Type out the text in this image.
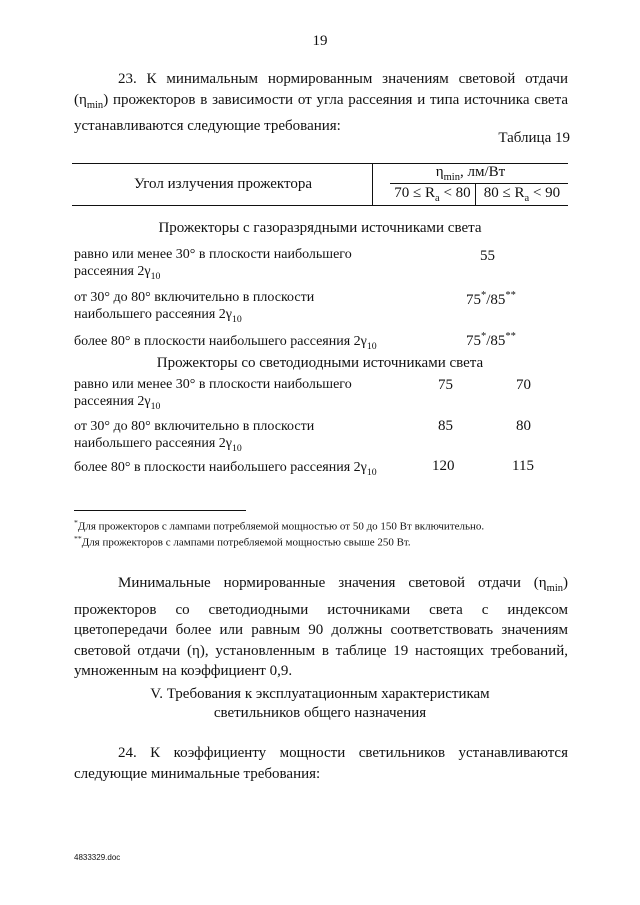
19
23. К минимальным нормированным значениям световой отдачи
$(\eta_{min})$ прожекторов в зависимости от угла рассеяния и типа источника света
устанавливаются следующие требования:
Таблица 19
Угол излучения прожектора
$\eta_{min}$, лм/Вт
$70 \le R_a < 80$ $80 \le R_a < 90$
Прожекторы с газоразрядными источниками света
равно или менее 30° в плоскости наибольшего
рассеяния $2\gamma_{10}$
55
от 30° до 80° включительно в плоскости
наибольшего рассеяния $2\gamma_{10}$
75*/85**
более 80° в плоскости наибольшего рассеяния $2\gamma_{10}$	75*/85**
Прожекторы со светодиодными источниками света
равно или менее 30° в плоскости наибольшего
рассеяния $2\gamma_{10}$
75	70
от 30° до 80° включительно в плоскости
наибольшего рассеяния $2\gamma_{10}$
85	80
более 80° в плоскости наибольшего рассеяния $2\gamma_{10}$	120	115
*Для прожекторов с лампами потребляемой мощностью от 50 до 150 Вт включительно.
**Для прожекторов с лампами потребляемой мощностью свыше 250 Вт.
Минимальные нормированные значения световой отдачи $(\eta_{min})$
прожекторов со светодиодными источниками света с индексом
цветопередачи более или равным 90 должны соответствовать значениям
световой отдачи (η), установленным в таблице 19 настоящих требований,
умноженным на коэффициент 0,9.
V. Требования к эксплуатационным характеристикам
светильников общего назначения
24. К коэффициенту мощности светильников устанавливаются
следующие минимальные требования:
4833329.doc
